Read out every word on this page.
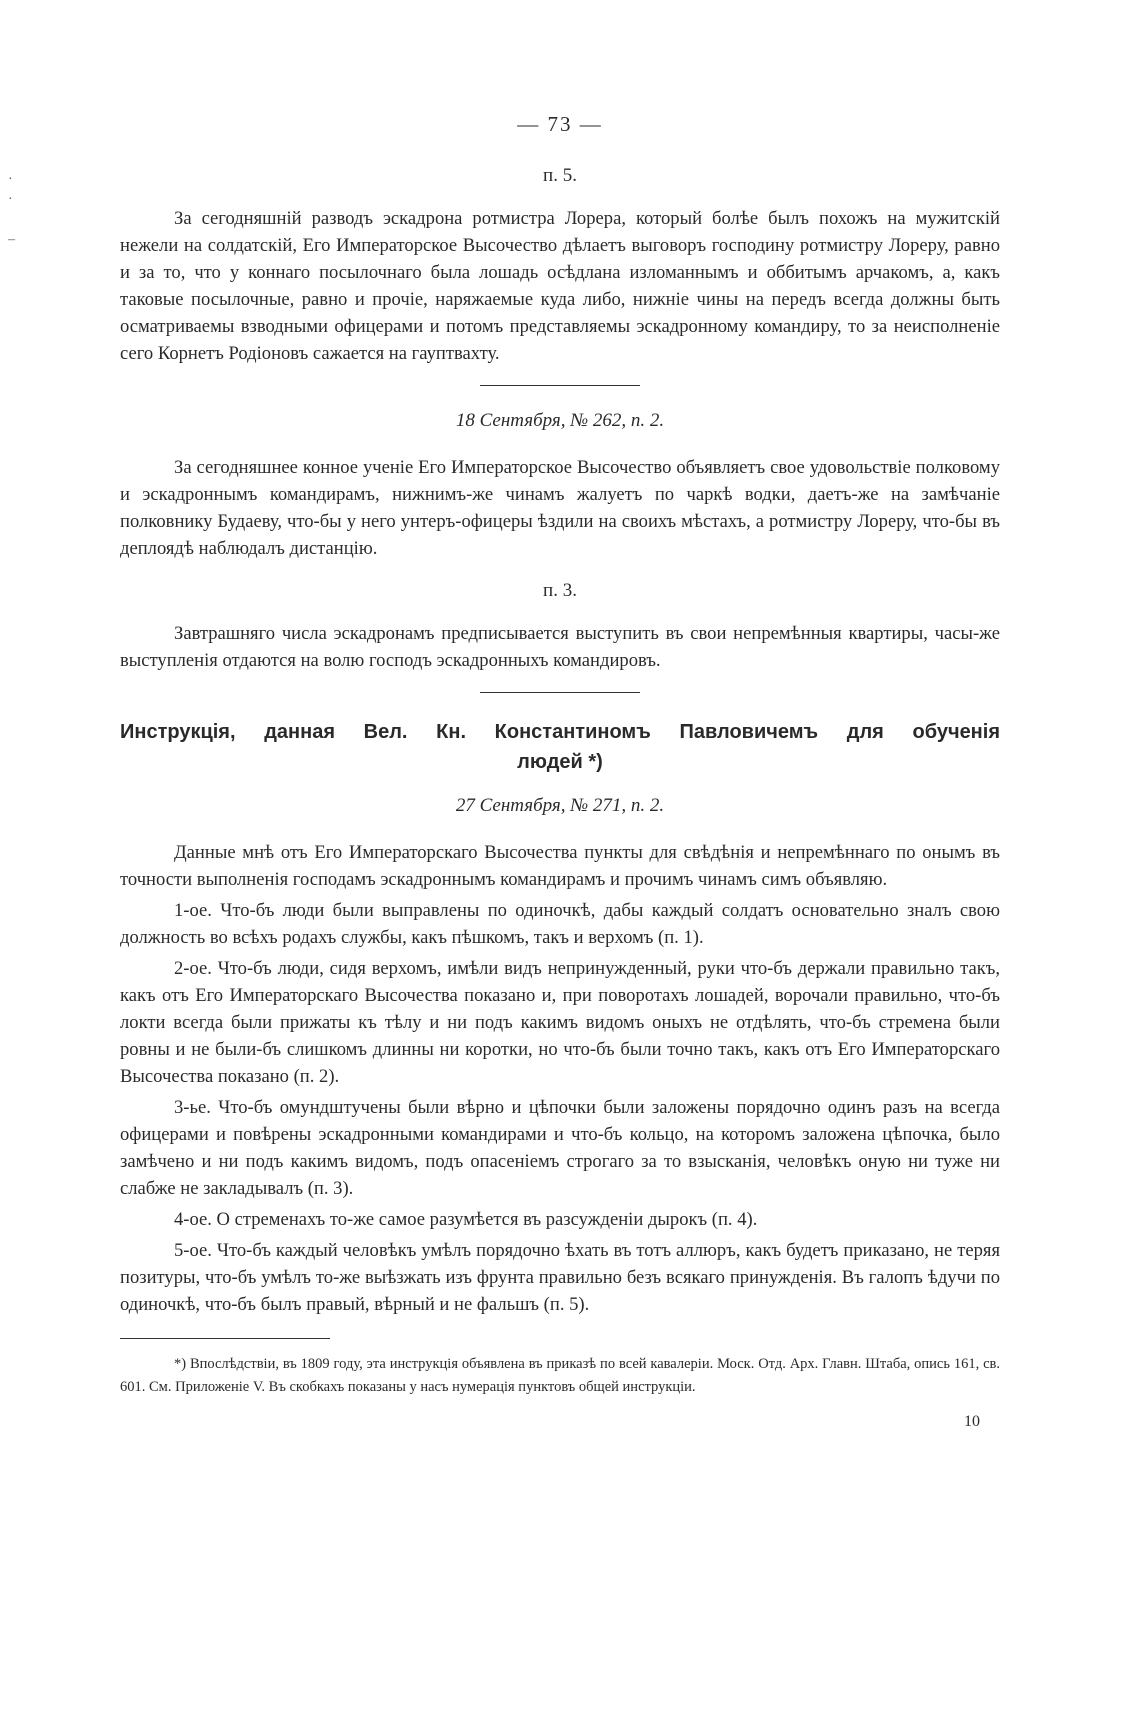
·
·

–
— 73 —
п. 5.

За сегодняшній разводъ эскадрона ротмистра Лорера, который болѣе былъ похожъ на мужитскій нежели на солдатскій, Его Императорское Высочество дѣлаетъ выговоръ господину ротмистру Лореру, равно и за то, что у коннаго посылочнаго была лошадь осѣдлана изломаннымъ и оббитымъ арчакомъ, а, какъ таковые посылочные, равно и прочіе, наряжаемые куда либо, нижніе чины на передъ всегда должны быть осматриваемы взводными офицерами и потомъ представляемы эскадронному командиру, то за неисполненіе сего Корнетъ Родіоновъ сажается на гауптвахту.

18 Сентября, № 262, п. 2.

За сегодняшнее конное ученіе Его Императорское Высочество объявляетъ свое удовольствіе полковому и эскадроннымъ командирамъ, нижнимъ-же чинамъ жалуетъ по чаркѣ водки, даетъ-же на замѣчаніе полковнику Будаеву, что-бы у него унтеръ-офицеры ѣздили на своихъ мѣстахъ, а ротмистру Лореру, что-бы въ деплоядѣ наблюдалъ дистанцію.

п. 3.

Завтрашняго числа эскадронамъ предписывается выступить въ свои непремѣнныя квартиры, часы-же выступленія отдаются на волю господъ эскадронныхъ командировъ.

Инструкція, данная Вел. Кн. Константиномъ Павловичемъ для обученія
людей *)
27 Сентября, № 271, п. 2.

Данные мнѣ отъ Его Императорскаго Высочества пункты для свѣдѣнія и непремѣннаго по онымъ въ точности выполненія господамъ эскадроннымъ командирамъ и прочимъ чинамъ симъ объявляю.

1-ое. Что-бъ люди были выправлены по одиночкѣ, дабы каждый солдатъ основательно зналъ свою должность во всѣхъ родахъ службы, какъ пѣшкомъ, такъ и верхомъ (п. 1).

2-ое. Что-бъ люди, сидя верхомъ, имѣли видъ непринужденный, руки что-бъ держали правильно такъ, какъ отъ Его Императорскаго Высочества показано и, при поворотахъ лошадей, ворочали правильно, что-бъ локти всегда были прижаты къ тѣлу и ни подъ какимъ видомъ оныхъ не отдѣлять, что-бъ стремена были ровны и не были-бъ слишкомъ длинны ни коротки, но что-бъ были точно такъ, какъ отъ Его Императорскаго Высочества показано (п. 2).

3-ье. Что-бъ омундштучены были вѣрно и цѣпочки были заложены порядочно одинъ разъ на всегда офицерами и повѣрены эскадронными командирами и что-бъ кольцо, на которомъ заложена цѣпочка, было замѣчено и ни подъ какимъ видомъ, подъ опасеніемъ строгаго за то взысканія, человѣкъ оную ни туже ни слабже не закладывалъ (п. 3).

4-ое. О стременахъ то-же самое разумѣется въ разсужденіи дырокъ (п. 4).

5-ое. Что-бъ каждый человѣкъ умѣлъ порядочно ѣхать въ тотъ аллюръ, какъ будетъ приказано, не теряя позитуры, что-бъ умѣлъ то-же выѣзжать изъ фрунта правильно безъ всякаго принужденія. Въ галопъ ѣдучи по одиночкѣ, что-бъ былъ правый, вѣрный и не фальшъ (п. 5).

*) Впослѣдствіи, въ 1809 году, эта инструкція объявлена въ приказѣ по всей кавалеріи. Моск. Отд. Арх. Главн. Штаба, опись 161, св. 601. См. Приложеніе V. Въ скобкахъ показаны у насъ нумерація пунктовъ общей инструкціи.

10
